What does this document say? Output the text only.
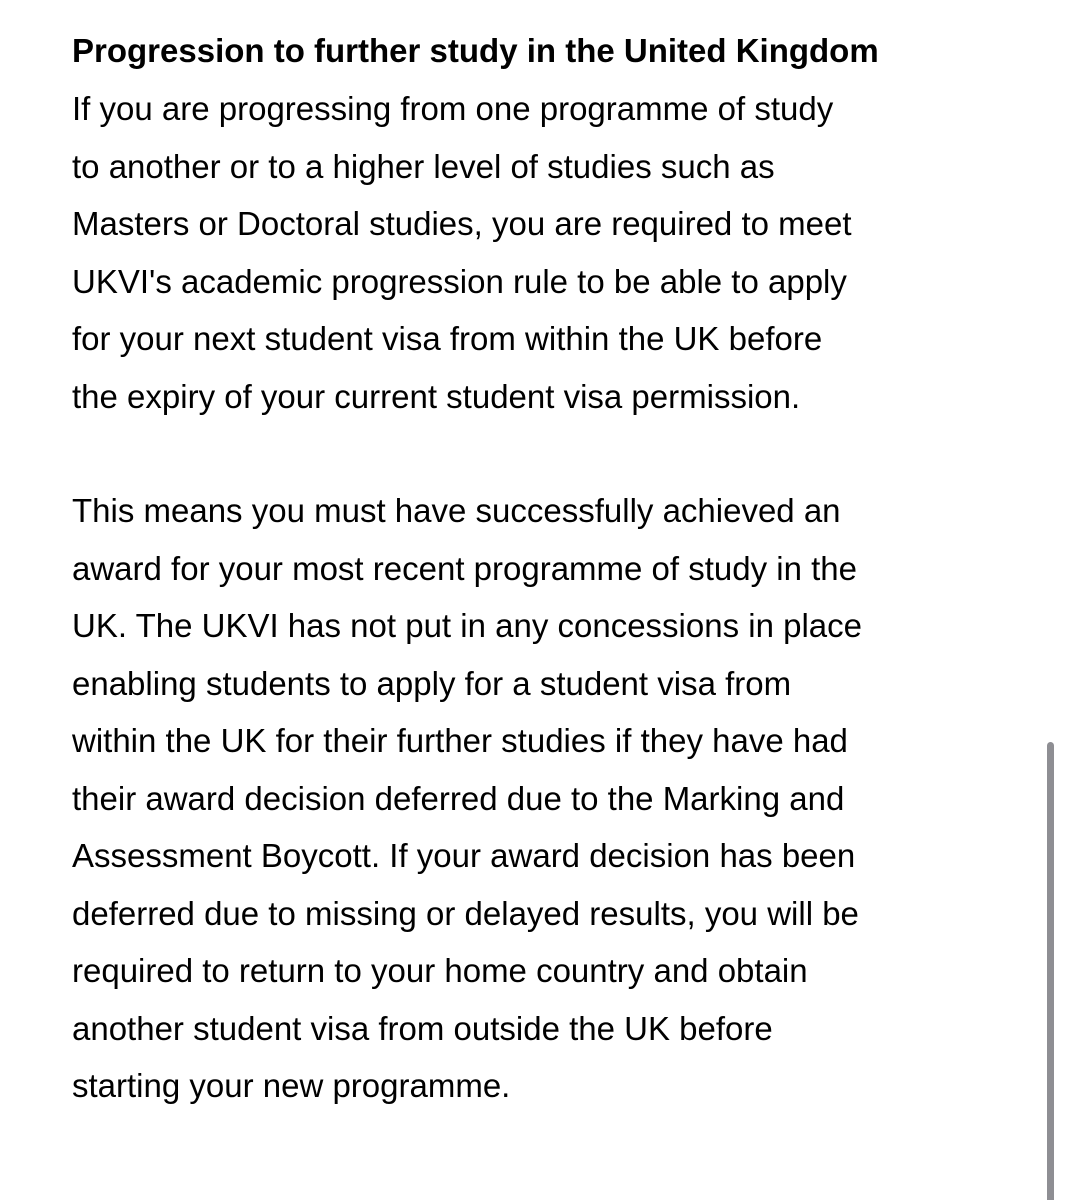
Progression to further study in the United Kingdom

If you are progressing from one programme of study
to another or to a higher level of studies such as
Masters or Doctoral studies, you are required to meet
UKVI's academic progression rule to be able to apply
for your next student visa from within the UK before
the expiry of your current student visa permission.

This means you must have successfully achieved an
award for your most recent programme of study in the
UK. The UKVI has not put in any concessions in place
enabling students to apply for a student visa from
within the UK for their further studies if they have had
their award decision deferred due to the Marking and
Assessment Boycott. If your award decision has been
deferred due to missing or delayed results, you will be
required to return to your home country and obtain
another student visa from outside the UK before
starting your new programme.
